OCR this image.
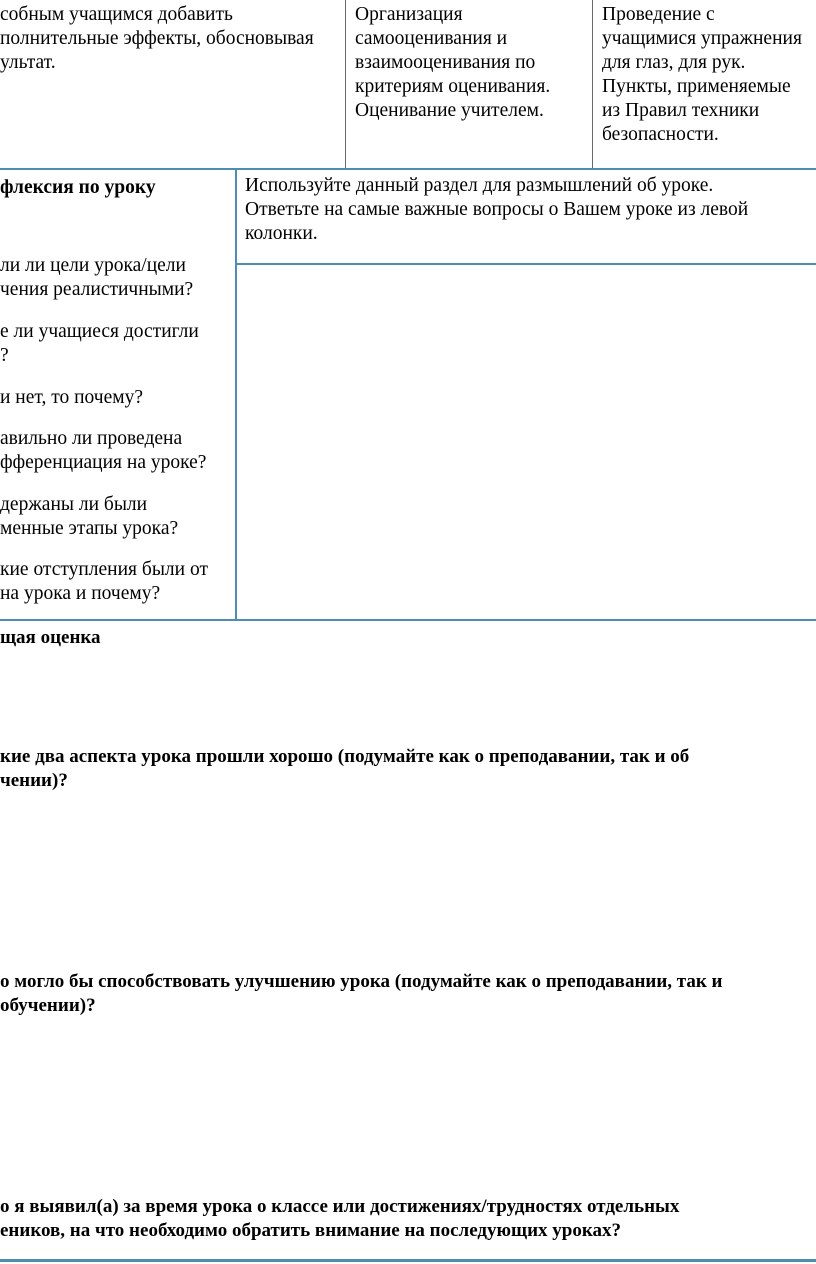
собным учащимся добавить
полнительные эффекты, обосновывая
ультат.
Организация
самооценивания и
взаимооценивания по
критериям оценивания.
Оценивание учителем.
Проведение с
учащимися упражнения
для глаз, для рук.
Пункты, применяемые
из Правил техники
безопасности.
флексия по уроку
ли ли цели урока/цели
чения реалистичными?
е ли учащиеся достигли
?
и нет, то почему?
авильно ли проведена
фференциация на уроке?
держаны ли были
менные этапы урока?
кие отступления были от
на урока и почему?
Используйте данный раздел для размышлений об уроке.
Ответьте на самые важные вопросы о Вашем уроке из левой
колонки.
щая оценка
кие два аспекта урока прошли хорошо (подумайте как о преподавании, так и об
чении)?
о могло бы способствовать улучшению урока (подумайте как о преподавании, так и
обучении)?
о я выявил(а) за время урока о классе или достижениях/трудностях отдельных
еников, на что необходимо обратить внимание на последующих уроках?
